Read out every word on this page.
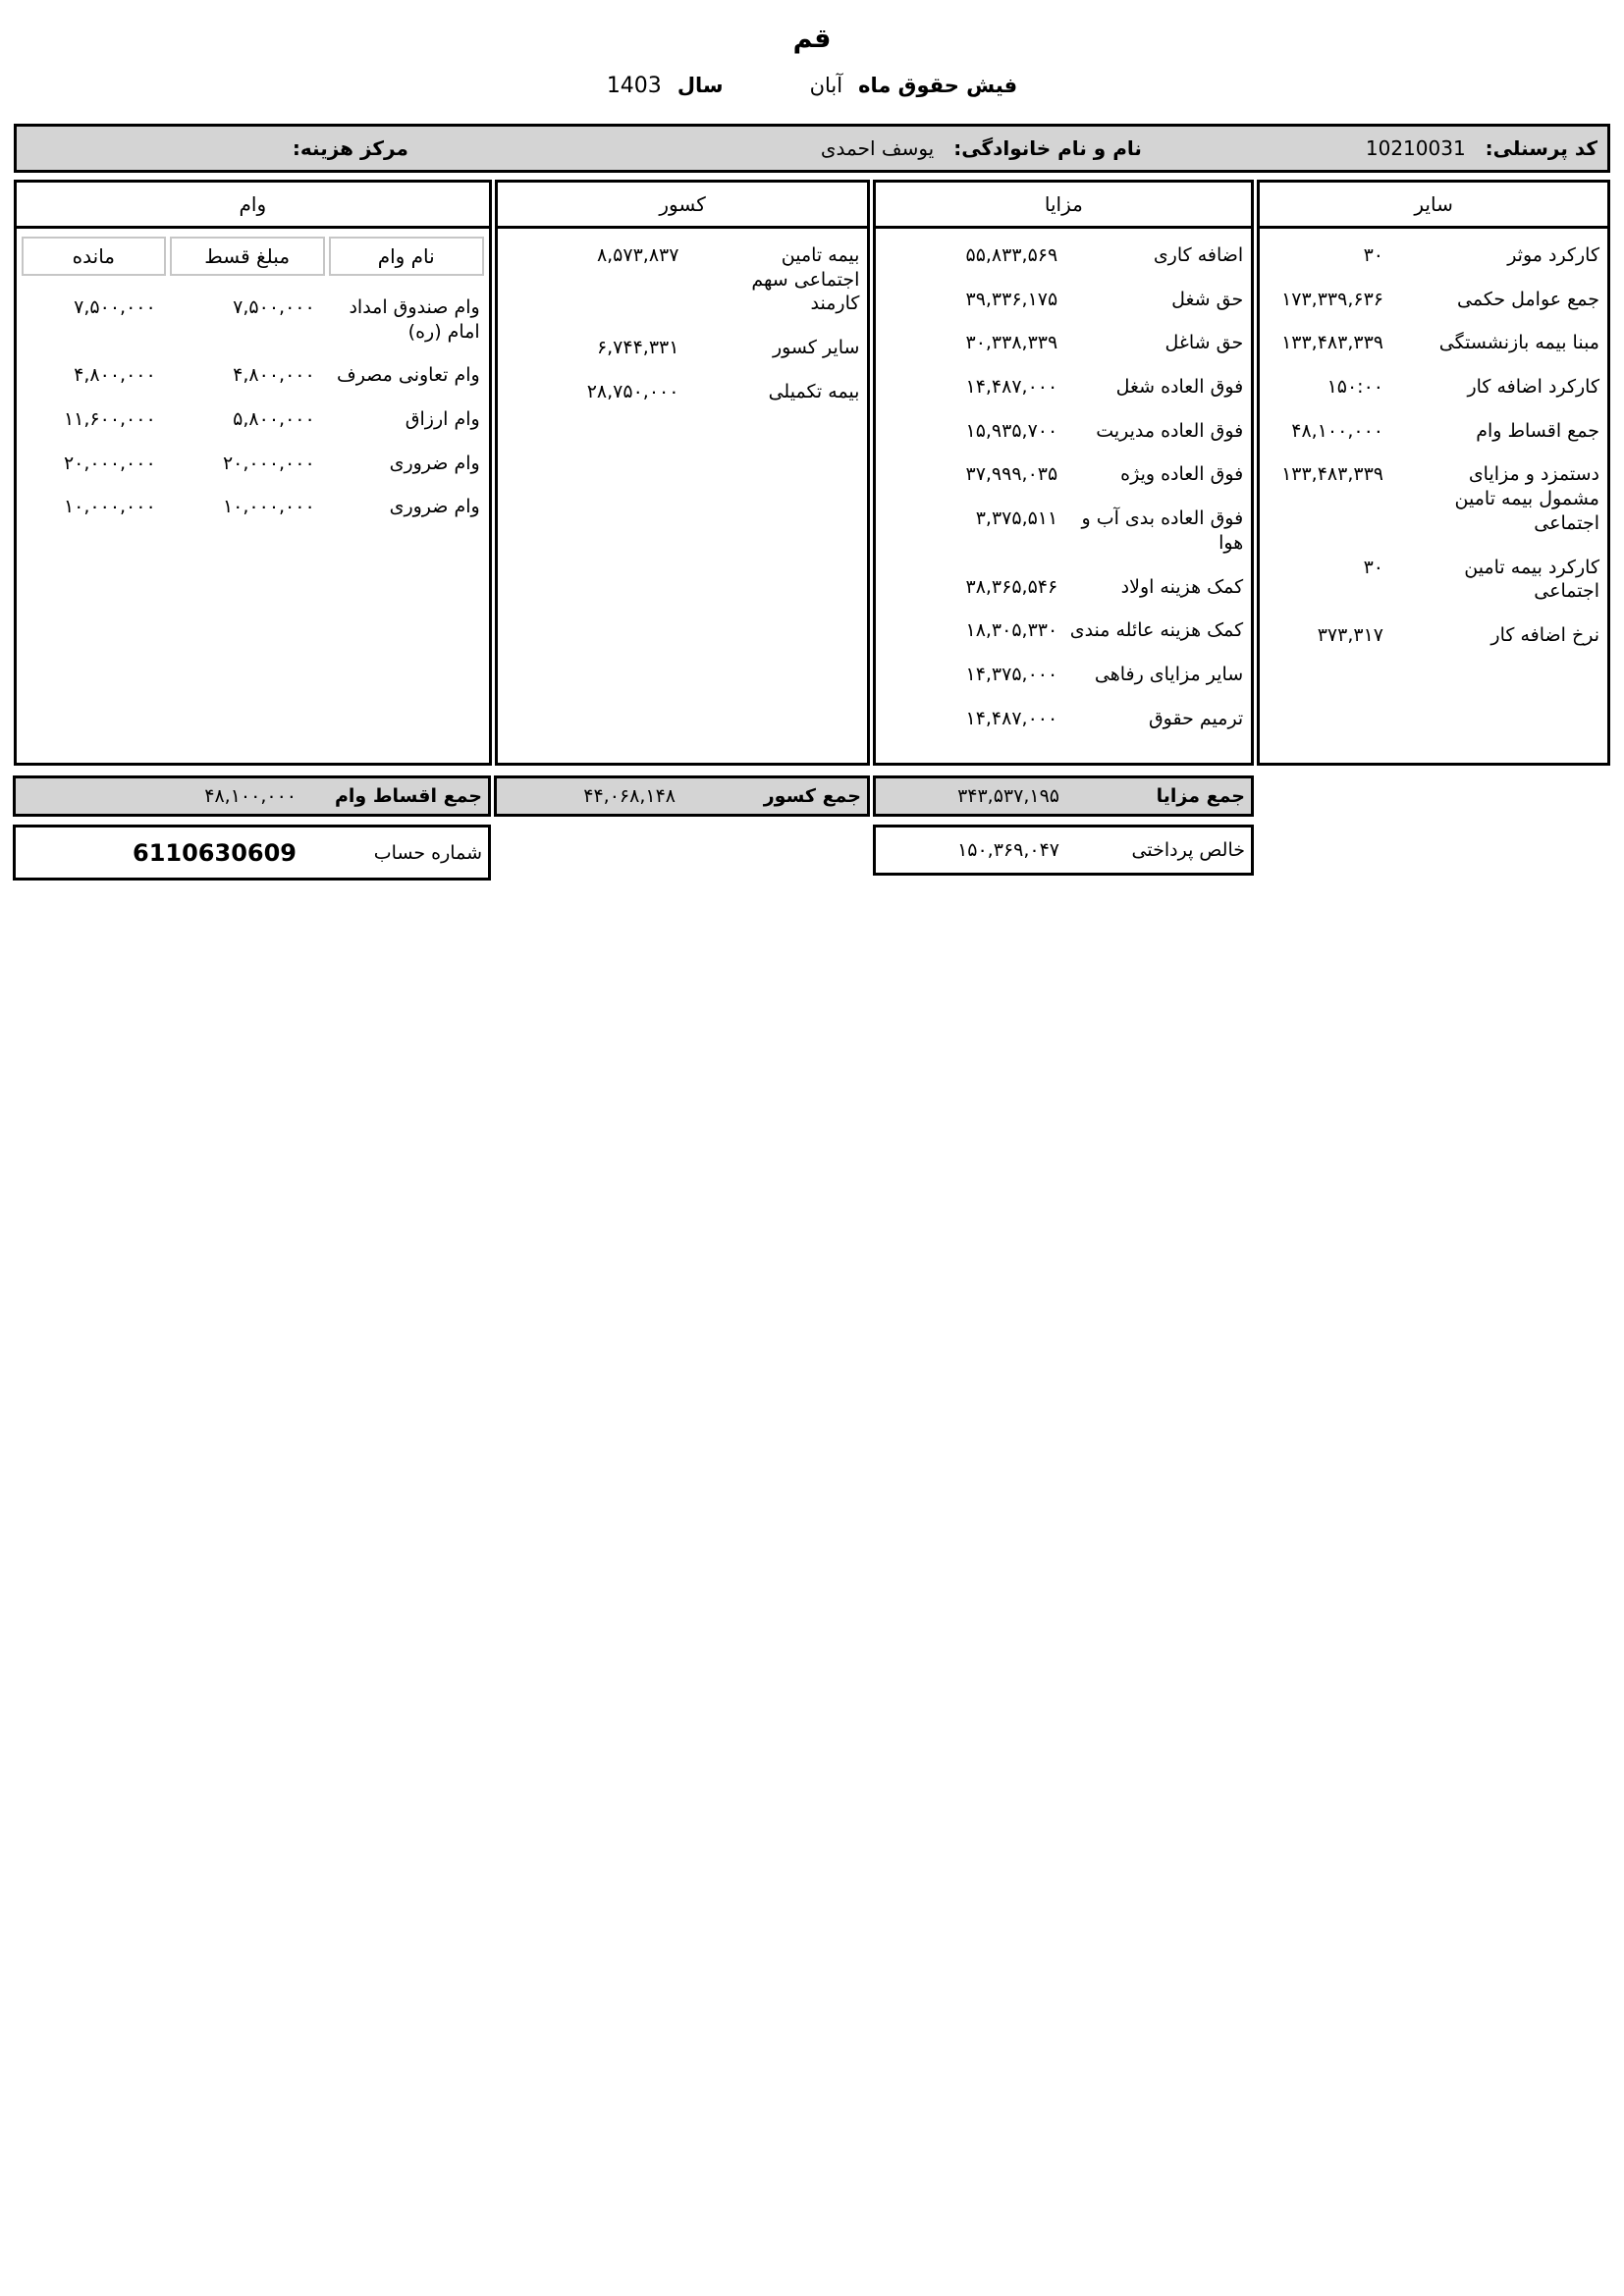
قم
فیش حقوق ماه
آبان
سال
1403
کد پرسنلی:
10210031
نام و نام خانوادگی:
یوسف احمدی
مرکز هزینه:
سایر
کارکرد موثر
۳۰
جمع عوامل حکمی
۱۷۳,۳۳۹,۶۳۶
مبنا بیمه بازنشستگی
۱۳۳,۴۸۳,۳۳۹
کارکرد اضافه کار
۱۵۰:۰۰
جمع اقساط وام
۴۸,۱۰۰,۰۰۰
دستمزد و مزایای مشمول بیمه تامین اجتماعی
۱۳۳,۴۸۳,۳۳۹
کارکرد بیمه تامین اجتماعی
۳۰
نرخ اضافه کار
۳۷۳,۳۱۷
مزایا
اضافه کاری
۵۵,۸۳۳,۵۶۹
حق شغل
۳۹,۳۳۶,۱۷۵
حق شاغل
۳۰,۳۳۸,۳۳۹
فوق العاده شغل
۱۴,۴۸۷,۰۰۰
فوق العاده مدیریت
۱۵,۹۳۵,۷۰۰
فوق العاده ویژه
۳۷,۹۹۹,۰۳۵
فوق العاده بدی آب و هوا
۳,۳۷۵,۵۱۱
کمک هزینه اولاد
۳۸,۳۶۵,۵۴۶
کمک هزینه عائله مندی
۱۸,۳۰۵,۳۳۰
سایر مزایای رفاهی
۱۴,۳۷۵,۰۰۰
ترمیم حقوق
۱۴,۴۸۷,۰۰۰
کسور
بیمه تامین اجتماعی سهم کارمند
۸,۵۷۳,۸۳۷
سایر کسور
۶,۷۴۴,۳۳۱
بیمه تکمیلی
۲۸,۷۵۰,۰۰۰
وام
نام وام
مبلغ قسط
مانده
وام صندوق امداد امام (ره)
۷,۵۰۰,۰۰۰
۷,۵۰۰,۰۰۰
وام تعاونی مصرف
۴,۸۰۰,۰۰۰
۴,۸۰۰,۰۰۰
وام ارزاق
۵,۸۰۰,۰۰۰
۱۱,۶۰۰,۰۰۰
وام ضروری
۲۰,۰۰۰,۰۰۰
۲۰,۰۰۰,۰۰۰
وام ضروری
۱۰,۰۰۰,۰۰۰
۱۰,۰۰۰,۰۰۰
جمع مزایا
۳۴۳,۵۳۷,۱۹۵
جمع کسور
۴۴,۰۶۸,۱۴۸
جمع اقساط وام
۴۸,۱۰۰,۰۰۰
خالص پرداختی
۱۵۰,۳۶۹,۰۴۷
شماره حساب
6110630609
